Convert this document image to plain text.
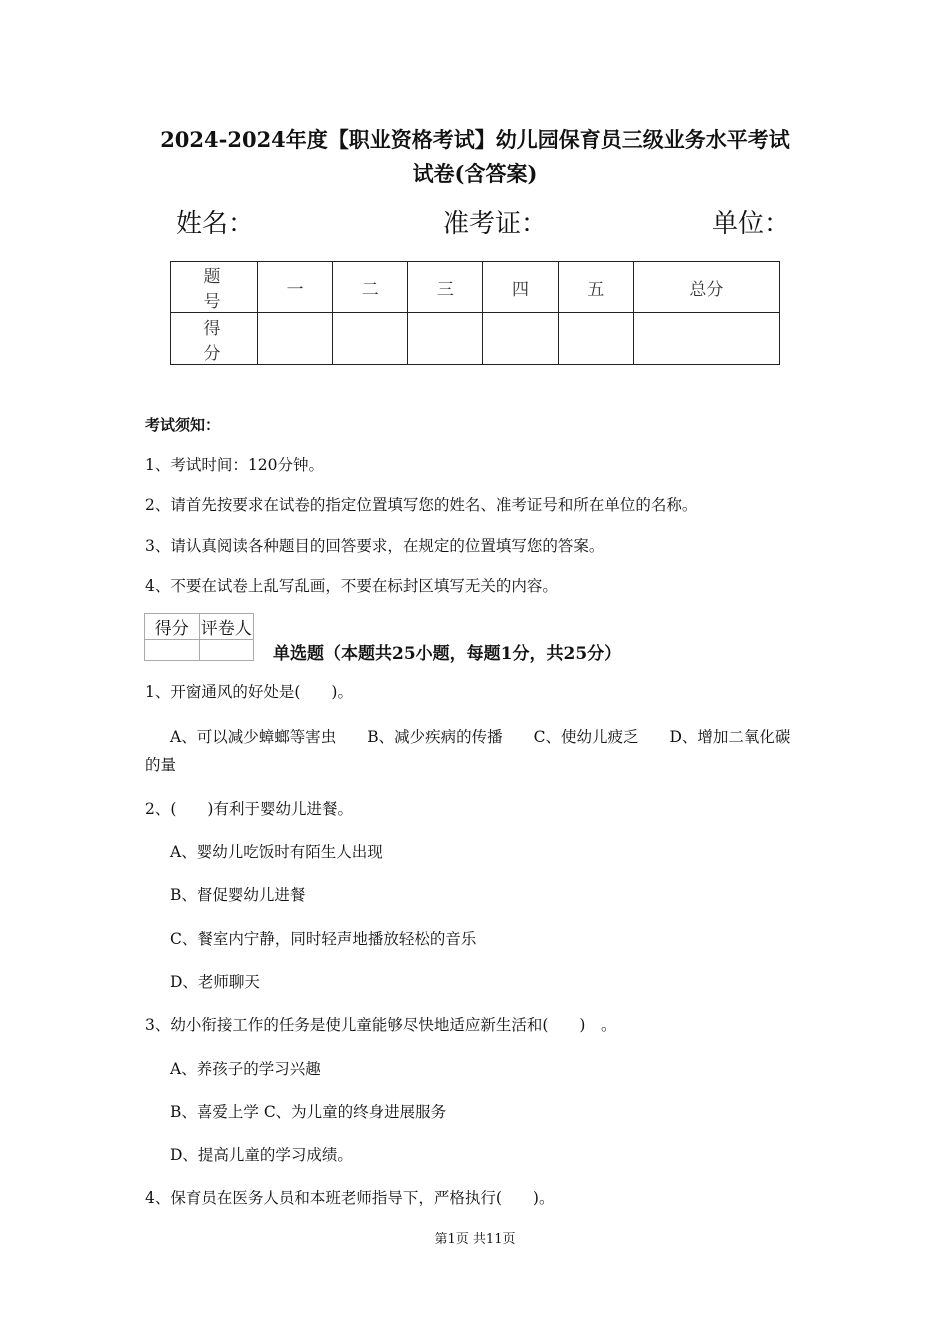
2024-2024年度【职业资格考试】幼儿园保育员三级业务水平考试
试卷(含答案)
姓名：	准考证：	单位：
题　号	一	二	三	四	五	总分
得　分						
考试须知：
1、考试时间：120分钟。
2、请首先按要求在试卷的指定位置填写您的姓名、准考证号和所在单位的名称。
3、请认真阅读各种题目的回答要求，在规定的位置填写您的答案。
4、不要在试卷上乱写乱画，不要在标封区填写无关的内容。
得分	评卷人

单选题（本题共25小题，每题1分，共25分）
1、开窗通风的好处是(　　)。
A、可以减少蟑螂等害虫　　B、减少疾病的传播　　C、使幼儿疲乏　　D、增加二氧化碳
的量
2、(　　)有利于婴幼儿进餐。
A、婴幼儿吃饭时有陌生人出现
B、督促婴幼儿进餐
C、餐室内宁静，同时轻声地播放轻松的音乐
D、老师聊天
3、幼小衔接工作的任务是使儿童能够尽快地适应新生活和(　　)　。
A、养孩子的学习兴趣
B、喜爱上学 C、为儿童的终身进展服务
D、提高儿童的学习成绩。
4、保育员在医务人员和本班老师指导下，严格执行(　　)。
第1页 共11页
